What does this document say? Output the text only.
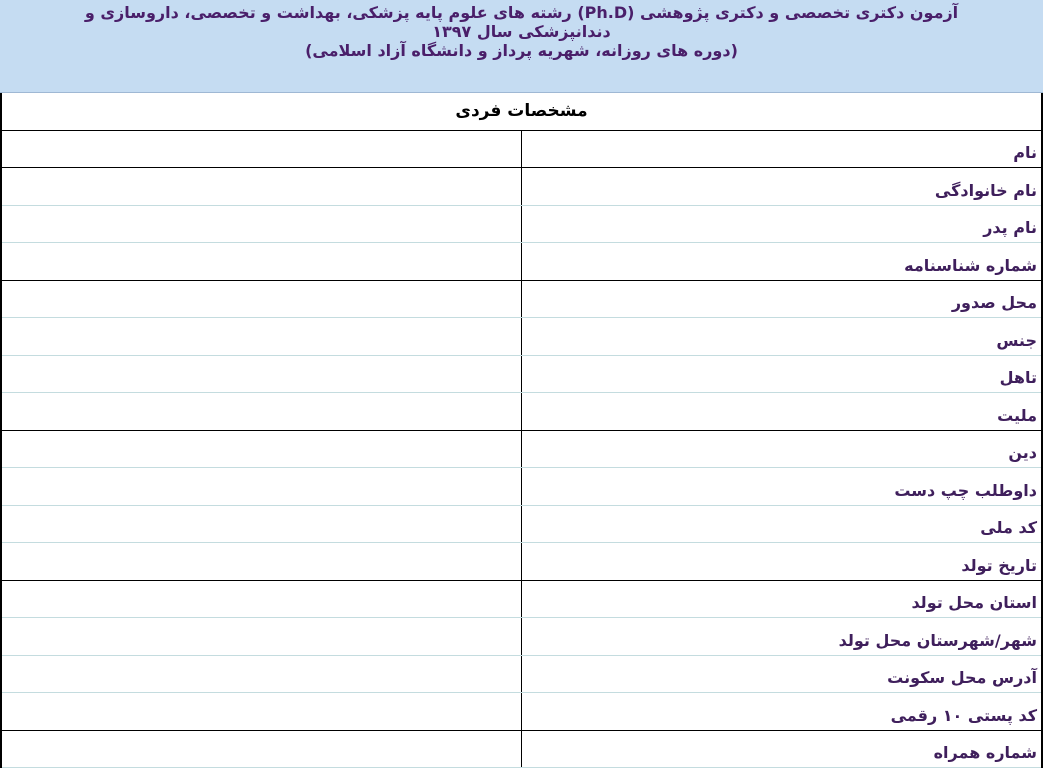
آزمون دکتری تخصصی و دکتری پژوهشی (Ph.D) رشته های علوم پایه پزشکی، بهداشت و تخصصی، داروسازی و
دندانپزشکی سال ۱۳۹۷
(دوره های روزانه، شهریه پرداز و دانشگاه آزاد اسلامی)
مشخصات فردی	
	نام
	نام خانوادگی
	نام پدر
	شماره شناسنامه
	محل صدور
	جنس
	تاهل
	ملیت
	دین
	داوطلب چپ دست
	کد ملی
	تاریخ تولد
	استان محل تولد
	شهر/شهرستان محل تولد
	آدرس محل سکونت
	کد پستی ۱۰ رقمی
	شماره همراه
